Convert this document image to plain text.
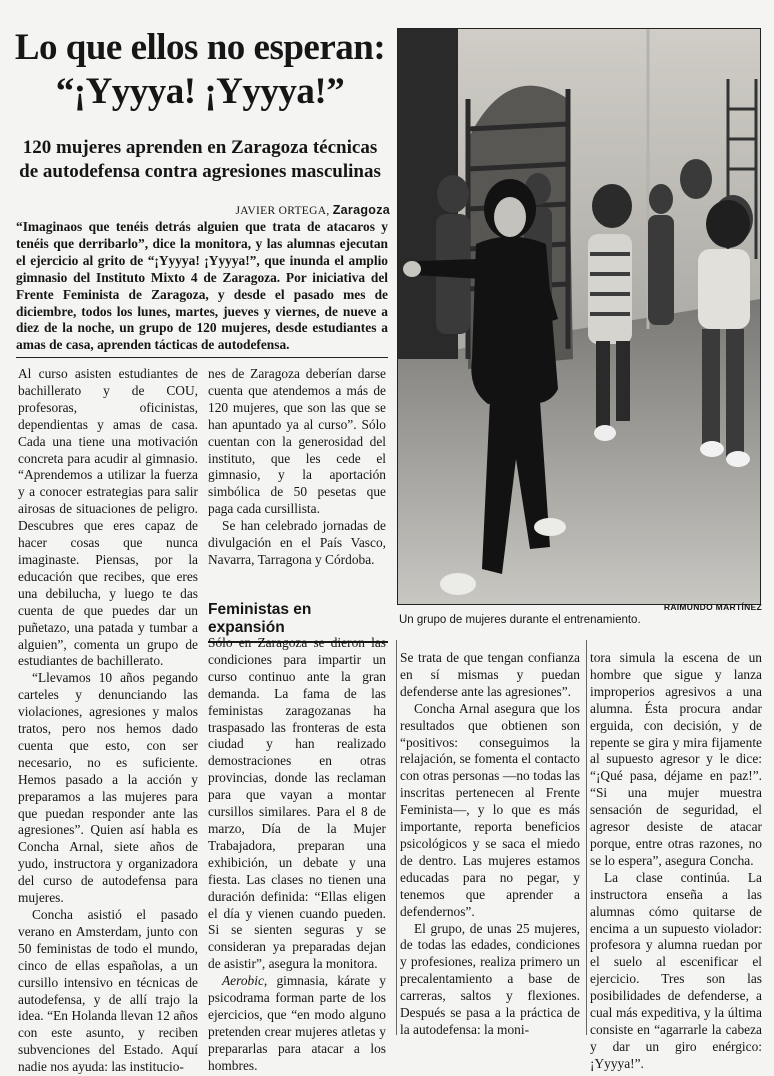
Lo que ellos no esperan:
“¡Yyyya! ¡Yyyya!”
120 mujeres aprenden en Zaragoza técnicas
de autodefensa contra agresiones masculinas
JAVIER ORTEGA, Zaragoza

“Imaginaos que tenéis detrás alguien que trata de atacaros y tenéis que derribarlo”, dice la monitora, y las alumnas ejecutan el ejercicio al grito de “¡Yyyya! ¡Yyyya!”, que inunda el amplio gimnasio del Instituto Mixto 4 de Zaragoza. Por iniciativa del Frente Feminista de Zaragoza, y desde el pasado mes de diciembre, todos los lunes, martes, jueves y viernes, de nueve a diez de la noche, un grupo de 120 mujeres, desde estudiantes a amas de casa, aprenden tácticas de autodefensa.

Al curso asisten estudiantes de bachillerato y de COU, profesoras, oficinistas, dependientas y amas de casa. Cada una tiene una motivación concreta para acudir al gimnasio. “Aprendemos a utilizar la fuerza y a conocer estrategias para salir airosas de situaciones de peligro. Descubres que eres capaz de hacer cosas que nunca imaginaste. Piensas, por la educación que recibes, que eres una debilucha, y luego te das cuenta de que puedes dar un puñetazo, una patada y tumbar a alguien”, comenta un grupo de estudiantes de bachillerato.

“Llevamos 10 años pegando carteles y denunciando las violaciones, agresiones y malos tratos, pero nos hemos dado cuenta que esto, con ser necesario, no es suficiente. Hemos pasado a la acción y preparamos a las mujeres para que puedan responder ante las agresiones”. Quien así habla es Concha Arnal, siete años de yudo, instructora y organizadora del curso de autodefensa para mujeres.

Concha asistió el pasado verano en Amsterdam, junto con 50 feministas de todo el mundo, cinco de ellas españolas, a un cursillo intensivo en técnicas de autodefensa, y de allí trajo la idea. “En Holanda llevan 12 años con este asunto, y reciben subvenciones del Estado. Aquí nadie nos ayuda: las institucio-

nes de Zaragoza deberían darse cuenta que atendemos a más de 120 mujeres, que son las que se han apuntado ya al curso”. Sólo cuentan con la generosidad del instituto, que les cede el gimnasio, y la aportación simbólica de 50 pesetas que paga cada cursillista.

Se han celebrado jornadas de divulgación en el País Vasco, Navarra, Tarragona y Córdoba.

Feministas en expansión

Sólo en Zaragoza se dieron las condiciones para impartir un curso continuo ante la gran demanda. La fama de las feministas zaragozanas ha traspasado las fronteras de esta ciudad y han realizado demostraciones en otras provincias, donde las reclaman para que vayan a montar cursillos similares. Para el 8 de marzo, Día de la Mujer Trabajadora, preparan una exhibición, un debate y una fiesta. Las clases no tienen una duración definida: “Ellas eligen el día y vienen cuando pueden. Si se sienten seguras y se consideran ya preparadas dejan de asistir”, asegura la monitora.

Aerobic, gimnasia, kárate y psicodrama forman parte de los ejercicios, que “en modo alguno pretenden crear mujeres atletas y prepararlas para atacar a los hombres.

Se trata de que tengan confianza en sí mismas y puedan defenderse ante las agresiones”.

Concha Arnal asegura que los resultados que obtienen son “positivos: conseguimos la relajación, se fomenta el contacto con otras personas —no todas las inscritas pertenecen al Frente Feminista—, y lo que es más importante, reporta beneficios psicológicos y se saca el miedo de dentro. Las mujeres estamos educadas para no pegar, y tenemos que aprender a defendernos”.

El grupo, de unas 25 mujeres, de todas las edades, condiciones y profesiones, realiza primero un precalentamiento a base de carreras, saltos y flexiones. Después se pasa a la práctica de la autodefensa: la moni-

tora simula la escena de un hombre que sigue y lanza improperios agresivos a una alumna. Ésta procura andar erguida, con decisión, y de repente se gira y mira fijamente al supuesto agresor y le dice: “¡Qué pasa, déjame en paz!”. “Si una mujer muestra sensación de seguridad, el agresor desiste de atacar porque, entre otras razones, no se lo espera”, asegura Concha.

La clase continúa. La instructora enseña a las alumnas cómo quitarse de encima a un supuesto violador: profesora y alumna ruedan por el suelo al escenificar el ejercicio. Tres son las posibilidades de defenderse, a cual más expeditiva, y la última consiste en “agarrarle la cabeza y dar un giro enérgico: ¡Yyyya!”.

RAIMUNDO MARTÍNEZ
Un grupo de mujeres durante el entrenamiento.
